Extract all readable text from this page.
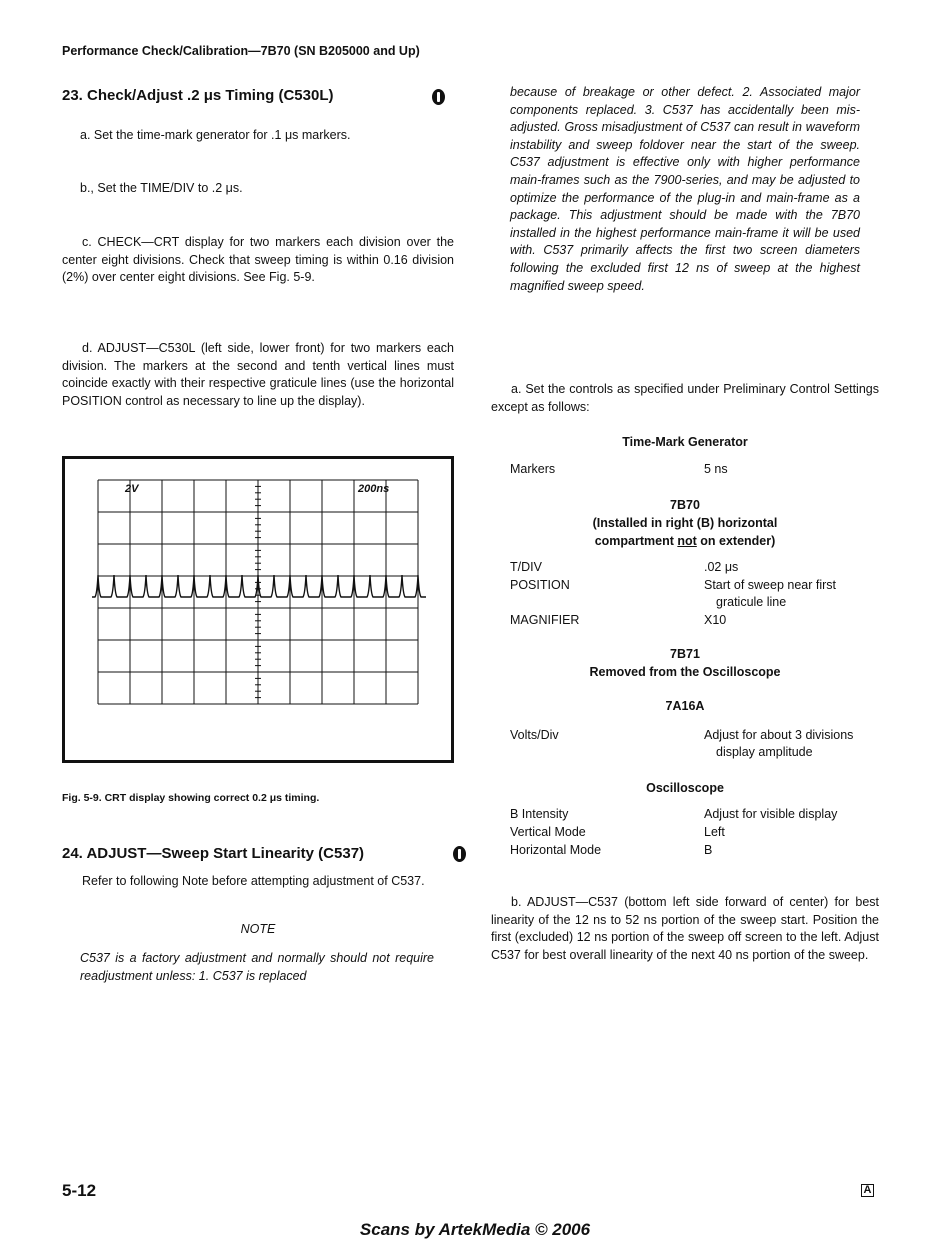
Performance Check/Calibration—7B70 (SN B205000 and Up)
23. Check/Adjust .2 μs Timing (C530L)

a. Set the time-mark generator for .1 μs markers.
b., Set the TIME/DIV to .2 μs.
c. CHECK—CRT display for two markers each division over the center eight divisions. Check that sweep timing is within 0.16 division (2%) over center eight divisions. See Fig. 5-9.
d. ADJUST—C530L (left side, lower front) for two markers each division. The markers at the second and tenth vertical lines must coincide exactly with their respective graticule lines (use the horizontal POSITION control as necessary to line up the display).
2V	200ns
Fig. 5-9. CRT display showing correct 0.2 μs timing.
24. ADJUST—Sweep Start Linearity (C537)
Refer to following Note before attempting adjustment of C537.
NOTE
C537 is a factory adjustment and normally should not require readjustment unless: 1. C537 is replaced
because of breakage or other defect. 2. Associated major components replaced. 3. C537 has accidentally been mis-adjusted. Gross misadjustment of C537 can result in waveform instability and sweep foldover near the start of the sweep. C537 adjustment is effective only with higher performance main-frames such as the 7900-series, and may be adjusted to optimize the performance of the plug-in and main-frame as a package. This adjustment should be made with the 7B70 installed in the highest performance main-frame it will be used with. C537 primarily affects the first two screen diameters following the excluded first 12 ns of sweep at the highest magnified sweep speed.
a. Set the controls as specified under Preliminary Control Settings except as follows:
Time-Mark Generator
Markers	5 ns
7B70
(Installed in right (B) horizontal
compartment not on extender)
T/DIV	.02 μs
POSITION	Start of sweep near first
graticule line
MAGNIFIER	X10
7B71
Removed from the Oscilloscope
7A16A
Volts/Div	Adjust for about 3 divisions
display amplitude
Oscilloscope
B Intensity	Adjust for visible display
Vertical Mode	Left
Horizontal Mode	B
b. ADJUST—C537 (bottom left side forward of center) for best linearity of the 12 ns to 52 ns portion of the sweep start. Position the first (excluded) 12 ns portion of the sweep off screen to the left. Adjust C537 for best overall linearity of the next 40 ns portion of the sweep.
5-12	A
Scans by ArtekMedia © 2006
